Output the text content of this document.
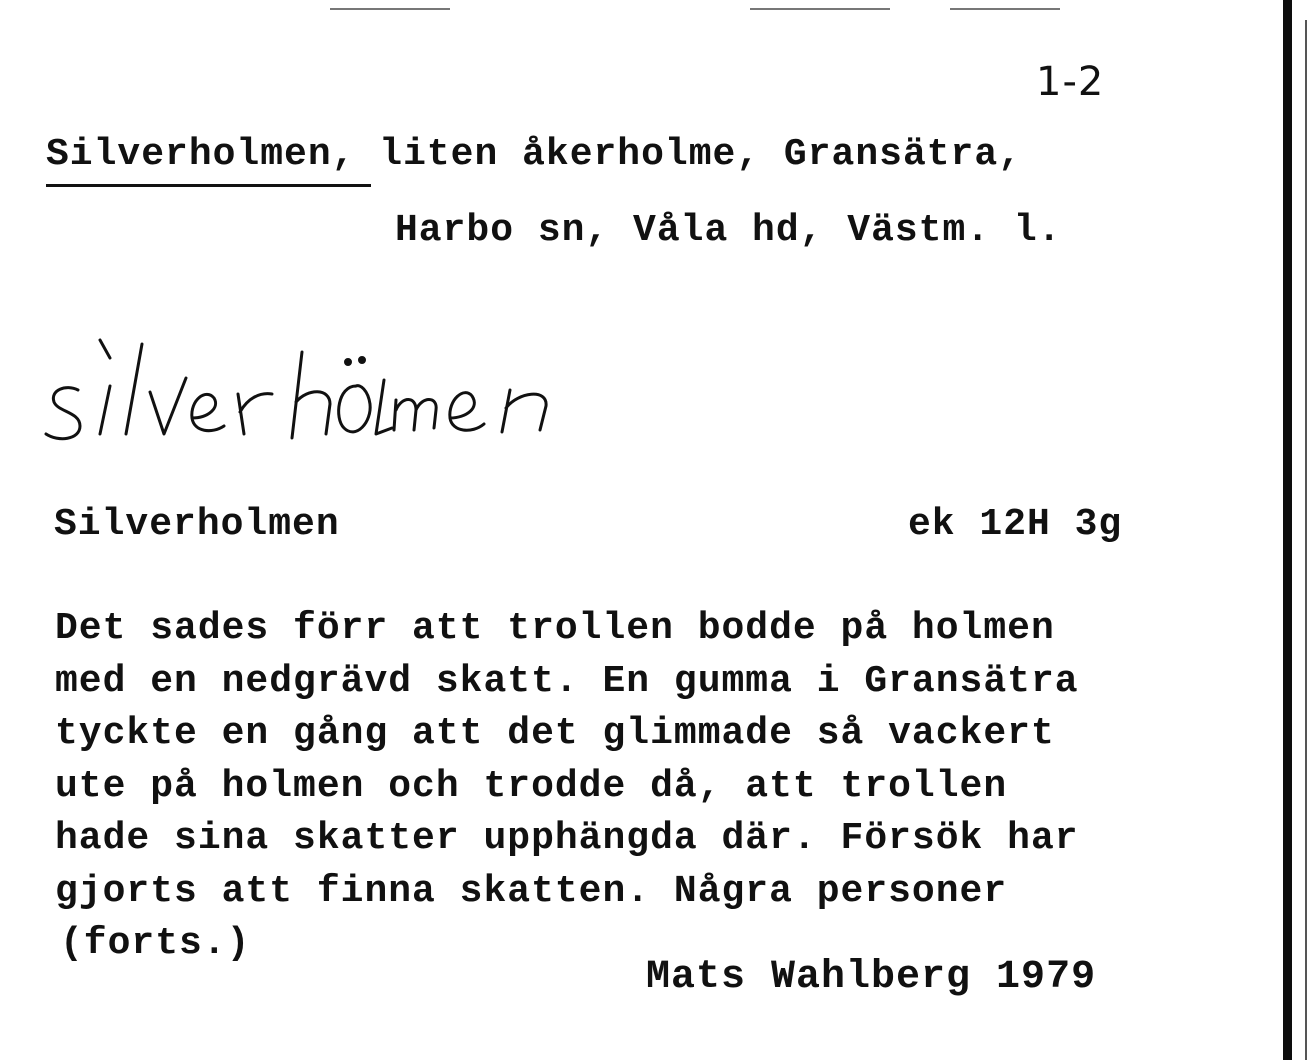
1-2
Silverholmen, liten åkerholme, Gransätra,
Harbo sn, Våla hd, Västm. l.
Silverholmen	ek 12H 3g
Det sades förr att trollen bodde på holmen
med en nedgrävd skatt. En gumma i Gransätra
tyckte en gång att det glimmade så vackert
ute på holmen och trodde då, att trollen
hade sina skatter upphängda där. Försök har
gjorts att finna skatten. Några personer
(forts.)
Mats Wahlberg 1979
